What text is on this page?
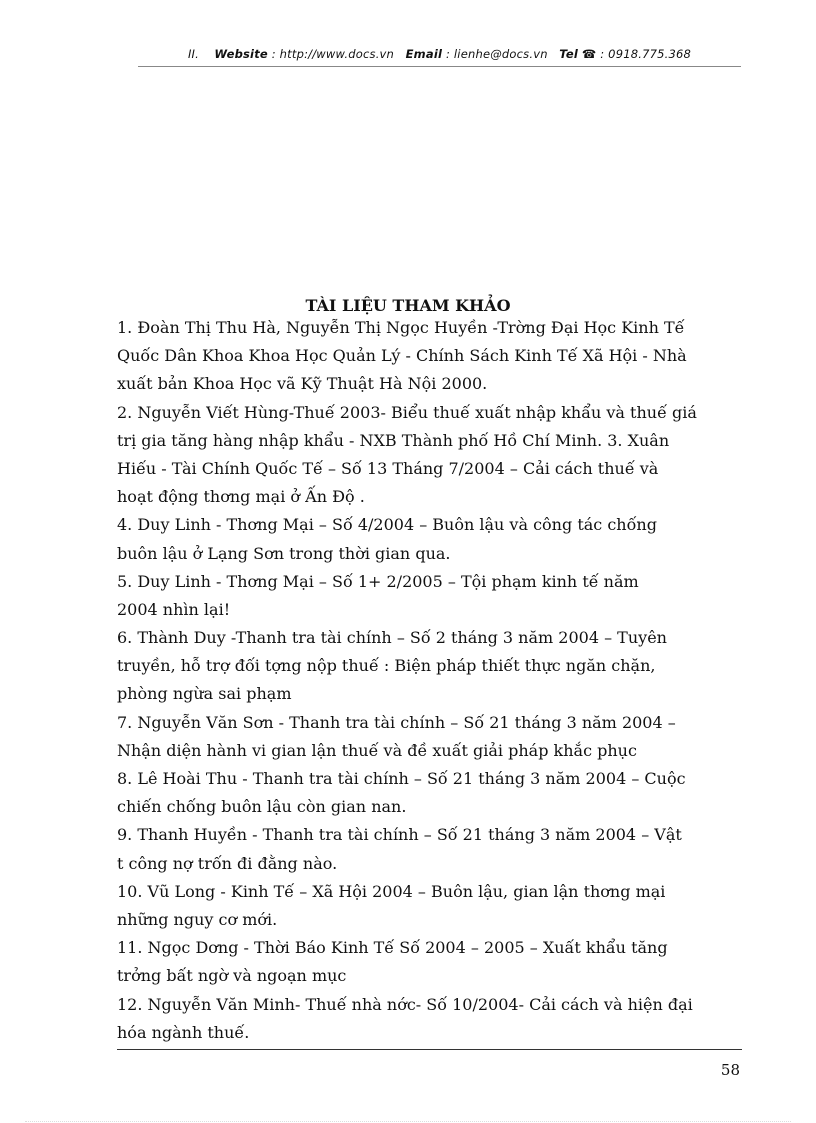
II. Website : http://www.docs.vn Email : lienhe@docs.vn Tel ☎ : 0918.775.368
TÀI LIỆU THAM KHẢO
1. Đoàn Thị Thu Hà, Nguyễn Thị Ngọc Huyền -Trờng Đại Học Kinh Tế
Quốc Dân Khoa Khoa Học Quản Lý - Chính Sách Kinh Tế Xã Hội - Nhà
xuất bản Khoa Học vã Kỹ Thuật Hà Nội 2000.
2. Nguyễn Viết Hùng-Thuế 2003- Biểu thuế xuất nhập khẩu và thuế giá
trị gia tăng hàng nhập khẩu - NXB Thành phố Hồ Chí Minh. 3. Xuân
Hiếu - Tài Chính Quốc Tế – Số 13 Tháng 7/2004 – Cải cách thuế và
hoạt động thơng mại ở Ấn Độ .
4. Duy Linh - Thơng Mại – Số 4/2004 – Buôn lậu và công tác chống
buôn lậu ở Lạng Sơn trong thời gian qua.
5. Duy Linh - Thơng Mại – Số 1+ 2/2005 – Tội phạm kinh tế năm
2004 nhìn lại!
6. Thành Duy -Thanh tra tài chính – Số 2 tháng 3 năm 2004 – Tuyên
truyền, hỗ trợ đối tợng nộp thuế : Biện pháp thiết thực ngăn chặn,
phòng ngừa sai phạm
7. Nguyễn Văn Sơn - Thanh tra tài chính – Số 21 tháng 3 năm 2004 –
Nhận diện hành vi gian lận thuế và đề xuất giải pháp khắc phục
8. Lê Hoài Thu - Thanh tra tài chính – Số 21 tháng 3 năm 2004 – Cuộc
chiến chống buôn lậu còn gian nan.
9. Thanh Huyền - Thanh tra tài chính – Số 21 tháng 3 năm 2004 – Vật
t công nợ trốn đi đằng nào.
10. Vũ Long - Kinh Tế – Xã Hội 2004 – Buôn lậu, gian lận thơng mại
những nguy cơ mới.
11. Ngọc Dơng - Thời Báo Kinh Tế Số 2004 – 2005 – Xuất khẩu tăng
trởng bất ngờ và ngoạn mục
12. Nguyễn Văn Minh- Thuế nhà nớc- Số 10/2004- Cải cách và hiện đại
hóa ngành thuế.
58
